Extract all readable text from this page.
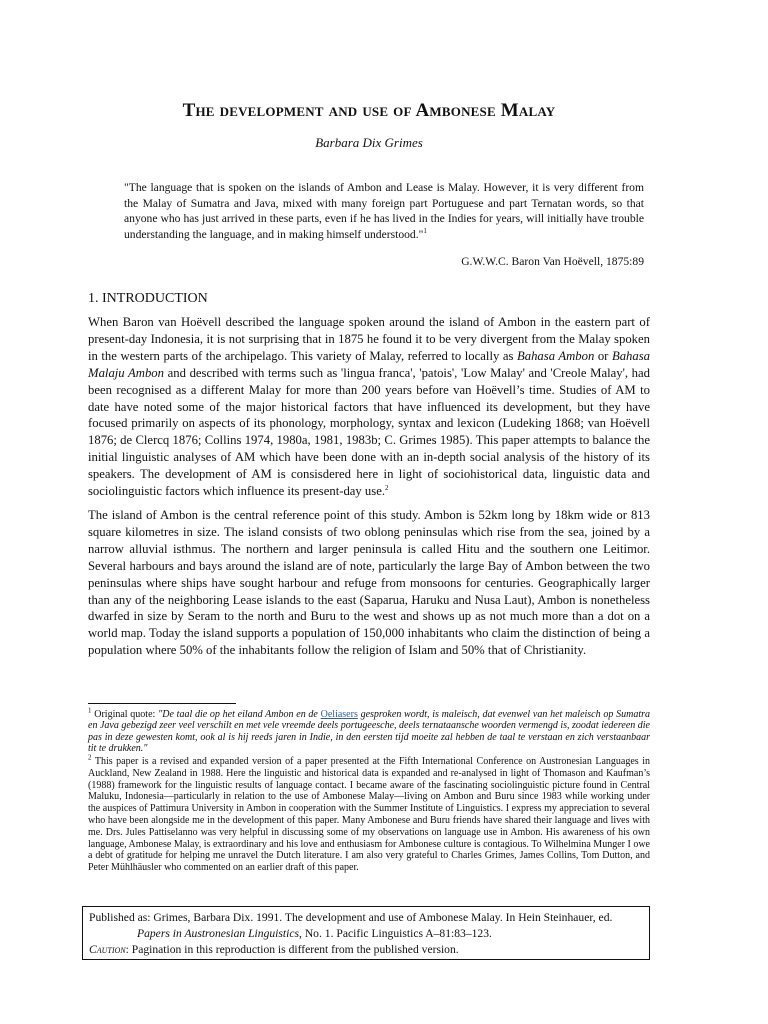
The development and use of Ambonese Malay
Barbara Dix Grimes
"The language that is spoken on the islands of Ambon and Lease is Malay. However, it is very different from the Malay of Sumatra and Java, mixed with many foreign part Portuguese and part Ternatan words, so that anyone who has just arrived in these parts, even if he has lived in the Indies for years, will initially have trouble understanding the language, and in making himself understood."$^1$
G.W.W.C. Baron Van Hoëvell, 1875:89
1. INTRODUCTION
When Baron van Hoëvell described the language spoken around the island of Ambon in the eastern part of present-day Indonesia, it is not surprising that in 1875 he found it to be very divergent from the Malay spoken in the western parts of the archipelago. This variety of Malay, referred to locally as Bahasa Ambon or Bahasa Malaju Ambon and described with terms such as 'lingua franca', 'patois', 'Low Malay' and 'Creole Malay', had been recognised as a different Malay for more than 200 years before van Hoëvell’s time. Studies of AM to date have noted some of the major historical factors that have influenced its development, but they have focused primarily on aspects of its phonology, morphology, syntax and lexicon (Ludeking 1868; van Hoëvell 1876; de Clercq 1876; Collins 1974, 1980a, 1981, 1983b; C. Grimes 1985). This paper attempts to balance the initial linguistic analyses of AM which have been done with an in-depth social analysis of the history of its speakers. The development of AM is consisdered here in light of sociohistorical data, linguistic data and sociolinguistic factors which influence its present-day use.$^2$
The island of Ambon is the central reference point of this study. Ambon is 52km long by 18km wide or 813 square kilometres in size. The island consists of two oblong peninsulas which rise from the sea, joined by a narrow alluvial isthmus. The northern and larger peninsula is called Hitu and the southern one Leitimor. Several harbours and bays around the island are of note, particularly the large Bay of Ambon between the two peninsulas where ships have sought harbour and refuge from monsoons for centuries. Geographically larger than any of the neighboring Lease islands to the east (Saparua, Haruku and Nusa Laut), Ambon is nonetheless dwarfed in size by Seram to the north and Buru to the west and shows up as not much more than a dot on a world map. Today the island supports a population of 150,000 inhabitants who claim the distinction of being a population where 50% of the inhabitants follow the religion of Islam and 50% that of Christianity.
$^1$ Original quote: "De taal die op het eiland Ambon en de Oeliasers gesproken wordt, is maleisch, dat evenwel van het maleisch op Sumatra en Java gebezigd zeer veel verschilt en met vele vreemde deels portugeesche, deels ternataansche woorden vermengd is, zoodat iedereen die pas in deze gewesten komt, ook al is hij reeds jaren in Indie, in den eersten tijd moeite zal hebben de taal te verstaan en zich verstaanbaar tit te drukken."
$^2$ This paper is a revised and expanded version of a paper presented at the Fifth International Conference on Austronesian Languages in Auckland, New Zealand in 1988. Here the linguistic and historical data is expanded and re-analysed in light of Thomason and Kaufman’s (1988) framework for the linguistic results of language contact. I became aware of the fascinating sociolinguistic picture found in Central Maluku, Indonesia—particularly in relation to the use of Ambonese Malay—living on Ambon and Buru since 1983 while working under the auspices of Pattimura University in Ambon in cooperation with the Summer Institute of Linguistics. I express my appreciation to several who have been alongside me in the development of this paper. Many Ambonese and Buru friends have shared their language and lives with me. Drs. Jules Pattiselanno was very helpful in discussing some of my observations on language use in Ambon. His awareness of his own language, Ambonese Malay, is extraordinary and his love and enthusiasm for Ambonese culture is contagious. To Wilhelmina Munger I owe a debt of gratitude for helping me unravel the Dutch literature. I am also very grateful to Charles Grimes, James Collins, Tom Dutton, and Peter Mühlhäusler who commented on an earlier draft of this paper.
Published as: Grimes, Barbara Dix. 1991. The development and use of Ambonese Malay. In Hein Steinhauer, ed.
Papers in Austronesian Linguistics, No. 1. Pacific Linguistics A–81:83–123.
Caution: Pagination in this reproduction is different from the published version.
